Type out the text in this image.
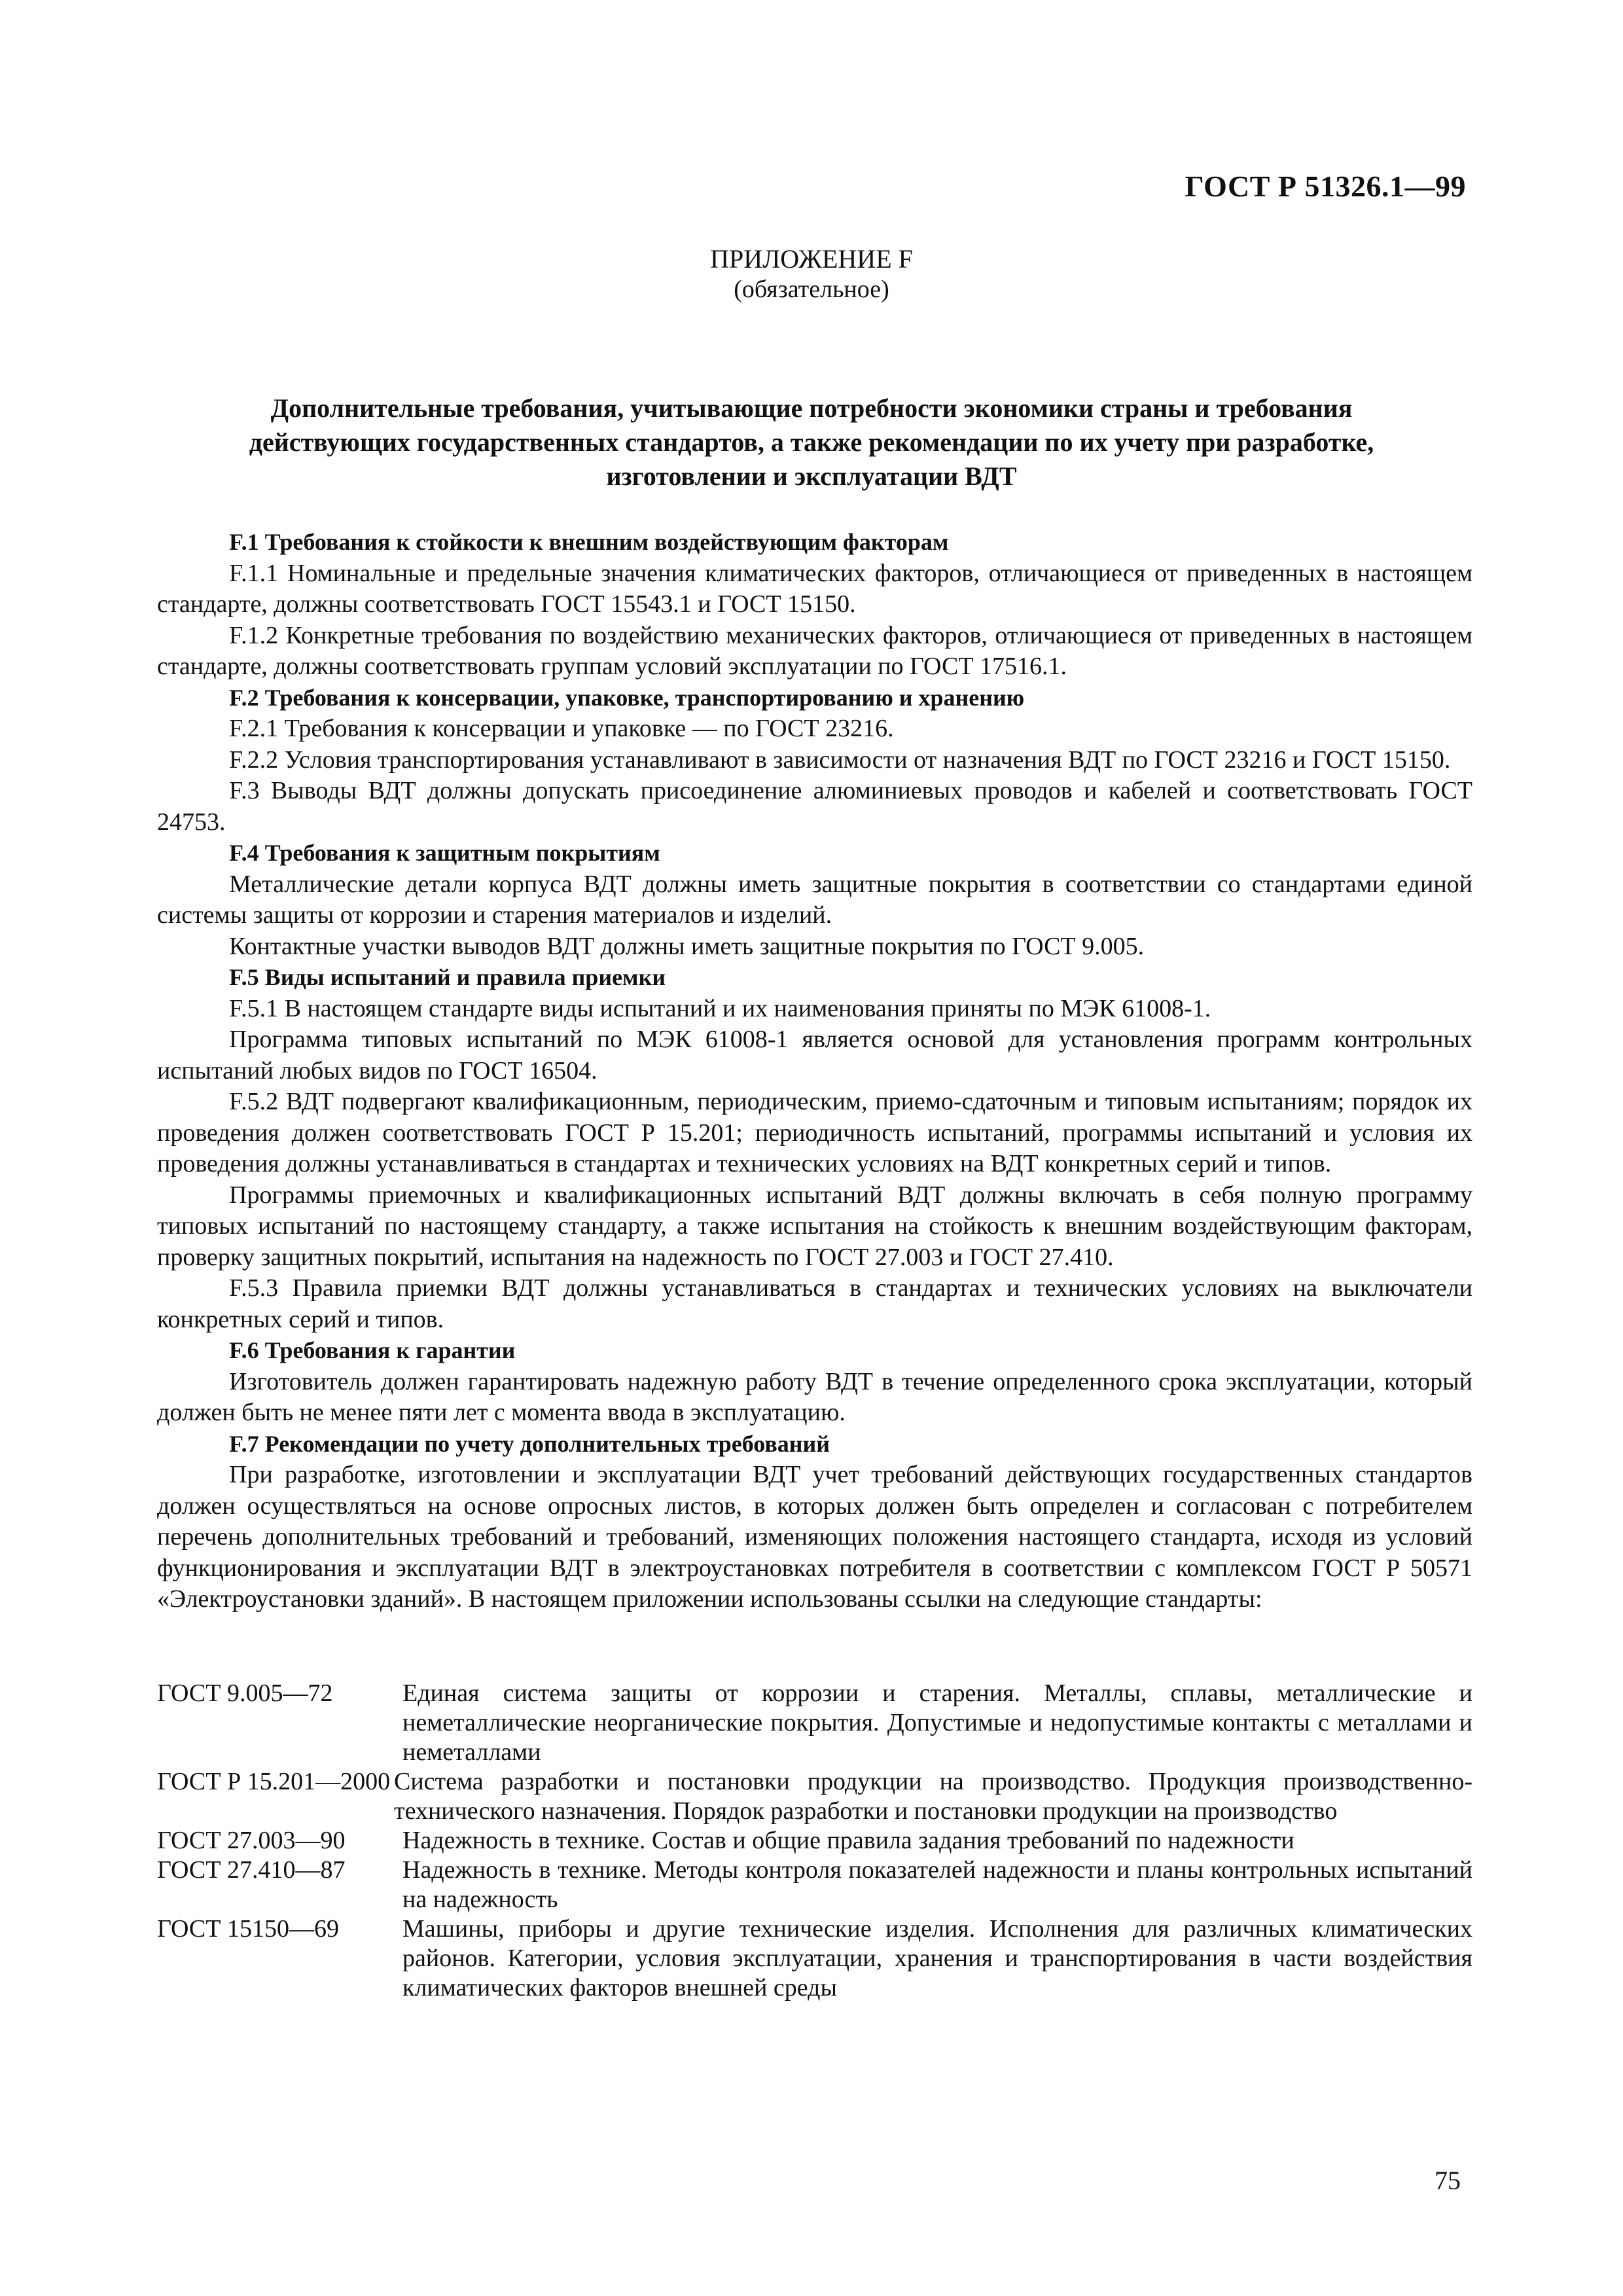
ГОСТ Р 51326.1—99
ПРИЛОЖЕНИЕ F
(обязательное)
Дополнительные требования, учитывающие потребности экономики страны и требования
действующих государственных стандартов, а также рекомендации по их учету при разработке,
изготовлении и эксплуатации ВДТ

F.1 Требования к стойкости к внешним воздействующим факторам

F.1.1 Номинальные и предельные значения климатических факторов, отличающиеся от приведенных в настоящем стандарте, должны соответствовать ГОСТ 15543.1 и ГОСТ 15150.

F.1.2 Конкретные требования по воздействию механических факторов, отличающиеся от приведенных в настоящем стандарте, должны соответствовать группам условий эксплуатации по ГОСТ 17516.1.

F.2 Требования к консервации, упаковке, транспортированию и хранению

F.2.1 Требования к консервации и упаковке — по ГОСТ 23216.

F.2.2 Условия транспортирования устанавливают в зависимости от назначения ВДТ по ГОСТ 23216 и ГОСТ 15150.

F.3 Выводы ВДТ должны допускать присоединение алюминиевых проводов и кабелей и соответствовать ГОСТ 24753.

F.4 Требования к защитным покрытиям

Металлические детали корпуса ВДТ должны иметь защитные покрытия в соответствии со стандартами единой системы защиты от коррозии и старения материалов и изделий.

Контактные участки выводов ВДТ должны иметь защитные покрытия по ГОСТ 9.005.

F.5 Виды испытаний и правила приемки

F.5.1 В настоящем стандарте виды испытаний и их наименования приняты по МЭК 61008-1.

Программа типовых испытаний по МЭК 61008-1 является основой для установления программ контрольных испытаний любых видов по ГОСТ 16504.

F.5.2 ВДТ подвергают квалификационным, периодическим, приемо-сдаточным и типовым испытаниям; порядок их проведения должен соответствовать ГОСТ Р 15.201; периодичность испытаний, программы испытаний и условия их проведения должны устанавливаться в стандартах и технических условиях на ВДТ конкретных серий и типов.

Программы приемочных и квалификационных испытаний ВДТ должны включать в себя полную программу типовых испытаний по настоящему стандарту, а также испытания на стойкость к внешним воздействующим факторам, проверку защитных покрытий, испытания на надежность по ГОСТ 27.003 и ГОСТ 27.410.

F.5.3 Правила приемки ВДТ должны устанавливаться в стандартах и технических условиях на выключатели конкретных серий и типов.

F.6 Требования к гарантии

Изготовитель должен гарантировать надежную работу ВДТ в течение определенного срока эксплуатации, который должен быть не менее пяти лет с момента ввода в эксплуатацию.

F.7 Рекомендации по учету дополнительных требований

При разработке, изготовлении и эксплуатации ВДТ учет требований действующих государственных стандартов должен осуществляться на основе опросных листов, в которых должен быть определен и согласован с потребителем перечень дополнительных требований и требований, изменяющих положения настоящего стандарта, исходя из условий функционирования и эксплуатации ВДТ в электроустановках потребителя в соответствии с комплексом ГОСТ Р 50571 «Электроустановки зданий». В настоящем приложении использованы ссылки на следующие стандарты:

ГОСТ 9.005—72	Единая система защиты от коррозии и старения. Металлы, сплавы, металлические и неметаллические неорганические покрытия. Допустимые и недопустимые контакты с металлами и неметаллами
ГОСТ Р 15.201—2000 Система разработки и постановки продукции на производство. Продукция производственно-технического назначения. Порядок разработки и постановки продукции на производство
ГОСТ 27.003—90	Надежность в технике. Состав и общие правила задания требований по надежности
ГОСТ 27.410—87	Надежность в технике. Методы контроля показателей надежности и планы контрольных испытаний на надежность
ГОСТ 15150—69	Машины, приборы и другие технические изделия. Исполнения для различных климатических районов. Категории, условия эксплуатации, хранения и транспортирования в части воздействия климатических факторов внешней среды
75
